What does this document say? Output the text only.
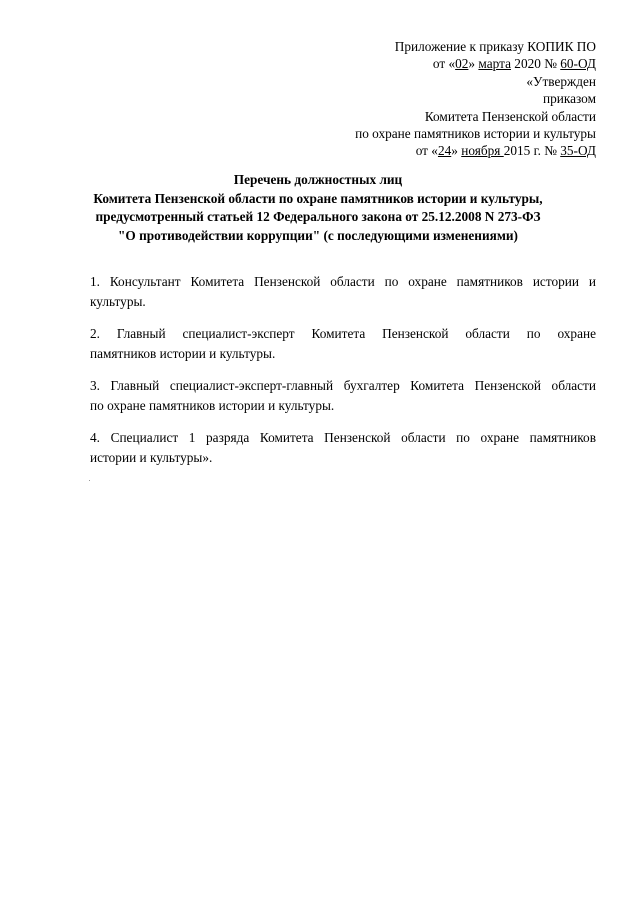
Приложение к приказу КОПИК ПО
от «02» марта 2020 № 60-ОД
«Утвержден
приказом
Комитета Пензенской области
по охране памятников истории и культуры
от «24» ноября 2015 г. № 35-ОД
Перечень должностных лиц
Комитета Пензенской области по охране памятников истории и культуры,
предусмотренный статьей 12 Федерального закона от 25.12.2008 N 273-ФЗ
"О противодействии коррупции" (с последующими изменениями)
1. Консультант Комитета Пензенской области по охране памятников истории и
культуры.
2. Главный специалист-эксперт Комитета Пензенской области по охране
памятников истории и культуры.
3. Главный специалист-эксперт-главный бухгалтер Комитета Пензенской области
по охране памятников истории и культуры.
4. Специалист 1 разряда Комитета Пензенской области по охране памятников
истории и культуры».
